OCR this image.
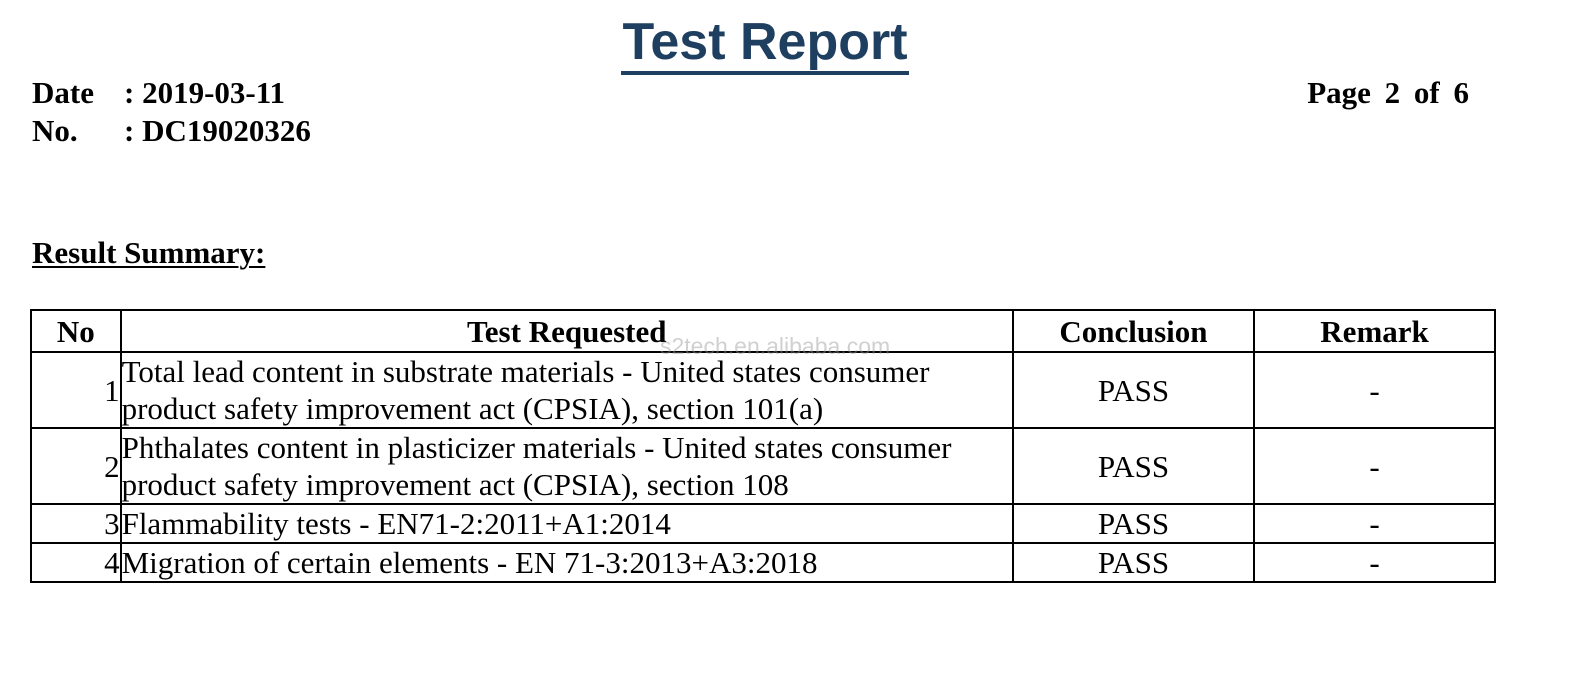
Test Report
Date : 2019-03-11
No.	: DC19020326
Page 2 of 6
Result Summary:
No	Test Requested	Conclusion	Remark
1	Total lead content in substrate materials - United states consumer product safety improvement act (CPSIA), section 101(a)	PASS	-
2	Phthalates content in plasticizer materials - United states consumer product safety improvement act (CPSIA), section 108	PASS	-
3	Flammability tests - EN71-2:2011+A1:2014	PASS	-
4	Migration of certain elements - EN 71-3:2013+A3:2018	PASS	-
s2tech.en.alibaba.com
